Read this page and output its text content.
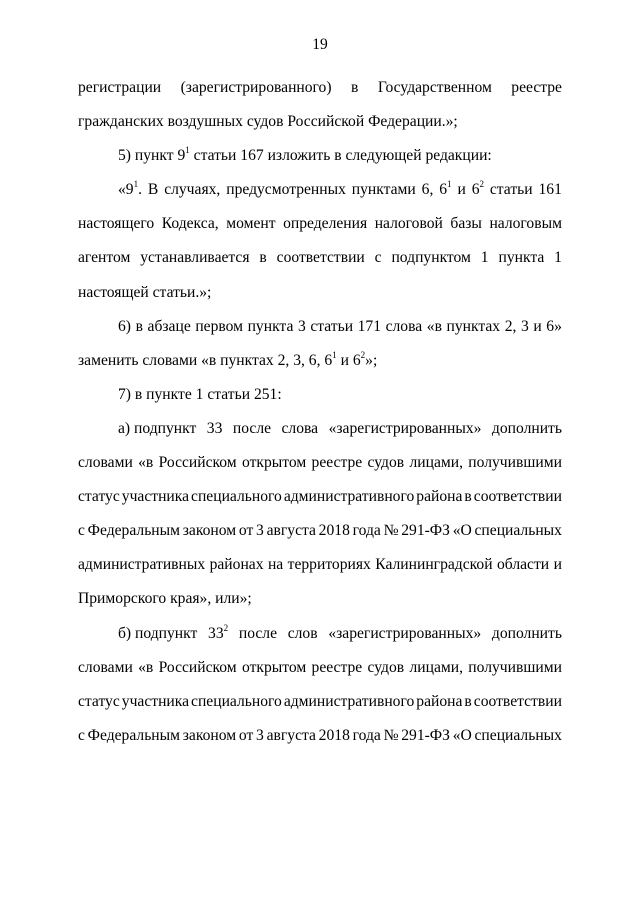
19
регистрации (зарегистрированного) в Государственном реестре
гражданских воздушных судов Российской Федерации.»;
5) пункт $9^1$ статьи 167 изложить в следующей редакции:
«$9^1$. В случаях, предусмотренных пунктами 6, $6^1$ и $6^2$ статьи 161
настоящего Кодекса, момент определения налоговой базы налоговым
агентом устанавливается в соответствии с подпунктом 1 пункта 1
настоящей статьи.»;
6) в абзаце первом пункта 3 статьи 171 слова «в пунктах 2, 3 и 6»
заменить словами «в пунктах 2, 3, 6, $6^1$ и $6^2$»;
7) в пункте 1 статьи 251:
а) подпункт 33 после слова «зарегистрированных» дополнить
словами «в Российском открытом реестре судов лицами, получившими
статус участника специального административного района в соответствии
с Федеральным законом от 3 августа 2018 года № 291-ФЗ «О специальных
административных районах на территориях Калининградской области и
Приморского края», или»;
б) подпункт $33^2$ после слов «зарегистрированных» дополнить
словами «в Российском открытом реестре судов лицами, получившими
статус участника специального административного района в соответствии
с Федеральным законом от 3 августа 2018 года № 291-ФЗ «О специальных
